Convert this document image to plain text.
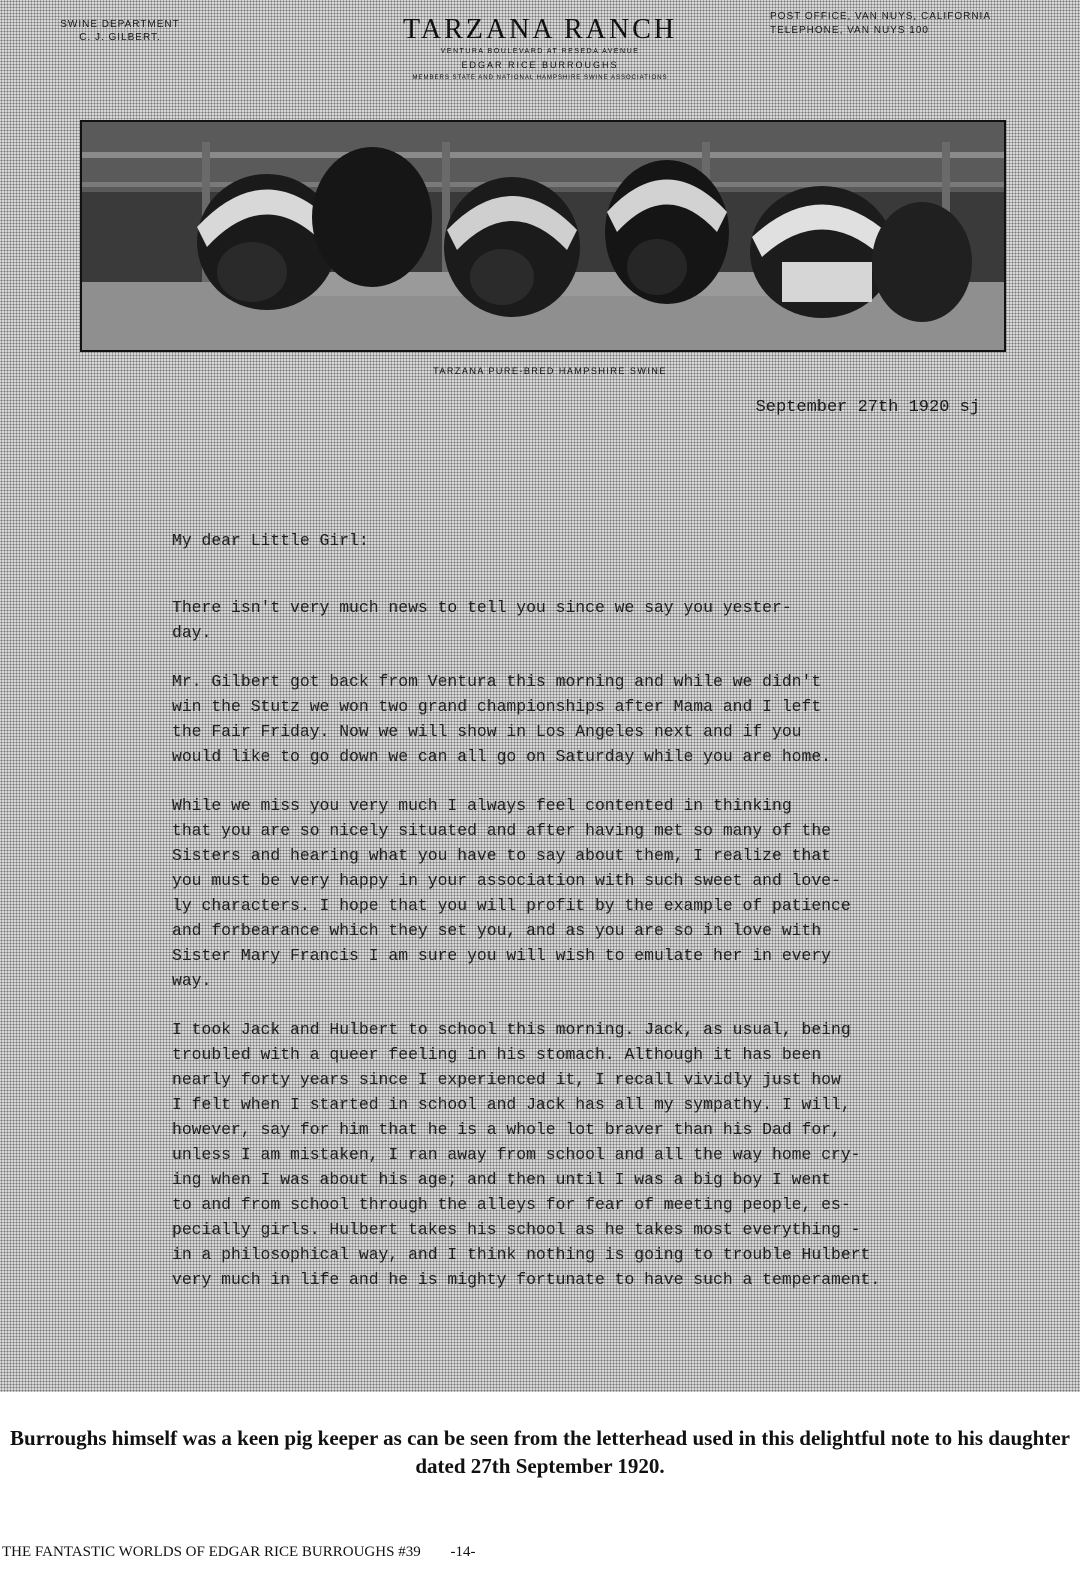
SWINE DEPARTMENT
C. J. GILBERT.	TARZANA RANCH
VENTURA BOULEVARD AT RESEDA AVENUE
EDGAR RICE BURROUGHS
MEMBERS STATE AND NATIONAL HAMPSHIRE SWINE ASSOCIATIONS
POST OFFICE, VAN NUYS, CALIFORNIA
TELEPHONE, VAN NUYS 100
TARZANA PURE-BRED HAMPSHIRE SWINE
September 27th 1920 sj

My dear Little Girl:

There isn't very much news to tell you since we say you yester-
day.

Mr. Gilbert got back from Ventura this morning and while we didn't
win the Stutz we won two grand championships after Mama and I left
the Fair Friday. Now we will show in Los Angeles next and if you
would like to go down we can all go on Saturday while you are home.

While we miss you very much I always feel contented in thinking
that you are so nicely situated and after having met so many of the
Sisters and hearing what you have to say about them, I realize that
you must be very happy in your association with such sweet and love-
ly characters. I hope that you will profit by the example of patience
and forbearance which they set you, and as you are so in love with
Sister Mary Francis I am sure you will wish to emulate her in every
way.

I took Jack and Hulbert to school this morning. Jack, as usual, being
troubled with a queer feeling in his stomach. Although it has been
nearly forty years since I experienced it, I recall vividly just how
I felt when I started in school and Jack has all my sympathy. I will,
however, say for him that he is a whole lot braver than his Dad for,
unless I am mistaken, I ran away from school and all the way home cry-
ing when I was about his age; and then until I was a big boy I went
to and from school through the alleys for fear of meeting people, es-
pecially girls. Hulbert takes his school as he takes most everything -
in a philosophical way, and I think nothing is going to trouble Hulbert
very much in life and he is mighty fortunate to have such a temperament.

Burroughs himself was a keen pig keeper as can be seen from the letterhead used in this delightful note to his daughter dated 27th September 1920.
THE FANTASTIC WORLDS OF EDGAR RICE BURROUGHS #39 -14-
